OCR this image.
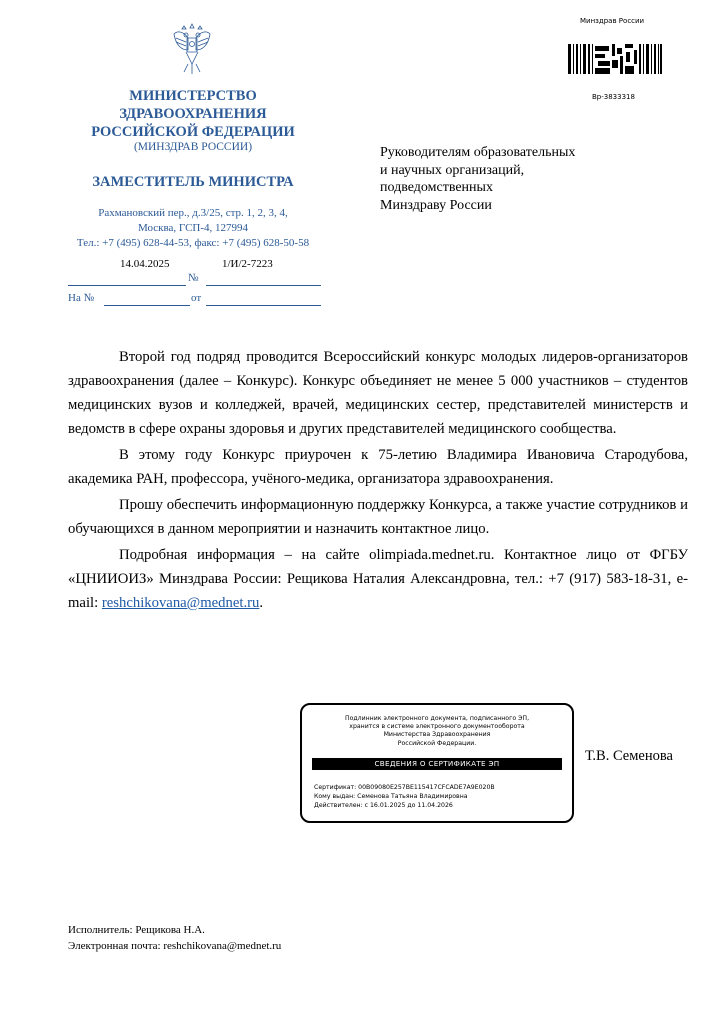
МИНИСТЕРСТВО
ЗДРАВООХРАНЕНИЯ
РОССИЙСКОЙ ФЕДЕРАЦИИ
(МИНЗДРАВ РОССИИ)
ЗАМЕСТИТЕЛЬ МИНИСТРА
Рахмановский пер., д.3/25, стр. 1, 2, 3, 4,
Москва, ГСП-4, 127994
Тел.: +7 (495) 628-44-53, факс: +7 (495) 628-50-58
14.04.2025
№
1/И/2-7223
На №	от
Минздрав России
Вр-3833318
Руководителям образовательных
и научных организаций,
подведомственных
Минздраву России

Второй год подряд проводится Всероссийский конкурс молодых лидеров-организаторов здравоохранения (далее – Конкурс). Конкурс объединяет не менее 5 000 участников – студентов медицинских вузов и колледжей, врачей, медицинских сестер, представителей министерств и ведомств в сфере охраны здоровья и других представителей медицинского сообщества.

В этому году Конкурс приурочен к 75-летию Владимира Ивановича Стародубова, академика РАН, профессора, учёного-медика, организатора здравоохранения.

Прошу обеспечить информационную поддержку Конкурса, а также участие сотрудников и обучающихся в данном мероприятии и назначить контактное лицо.

Подробная информация – на сайте olimpiada.mednet.ru. Контактное лицо от ФГБУ «ЦНИИОИЗ» Минздрава России: Рещикова Наталия Александровна, тел.: +7 (917) 583-18-31, e-mail: reshchikovana@mednet.ru.

Подлинник электронного документа, подписанного ЭП,
хранится в системе электронного документооборота
Министерства Здравоохранения
Российской Федерации.
СВЕДЕНИЯ О СЕРТИФИКАТЕ ЭП
Сертификат: 00B09080E257BE115417CFCADE7A9E020B
Кому выдан: Семенова Татьяна Владимировна
Действителен: с 16.01.2025 до 11.04.2026
Т.В. Семенова
Исполнитель: Рещикова Н.А.
Электронная почта: reshchikovana@mednet.ru
